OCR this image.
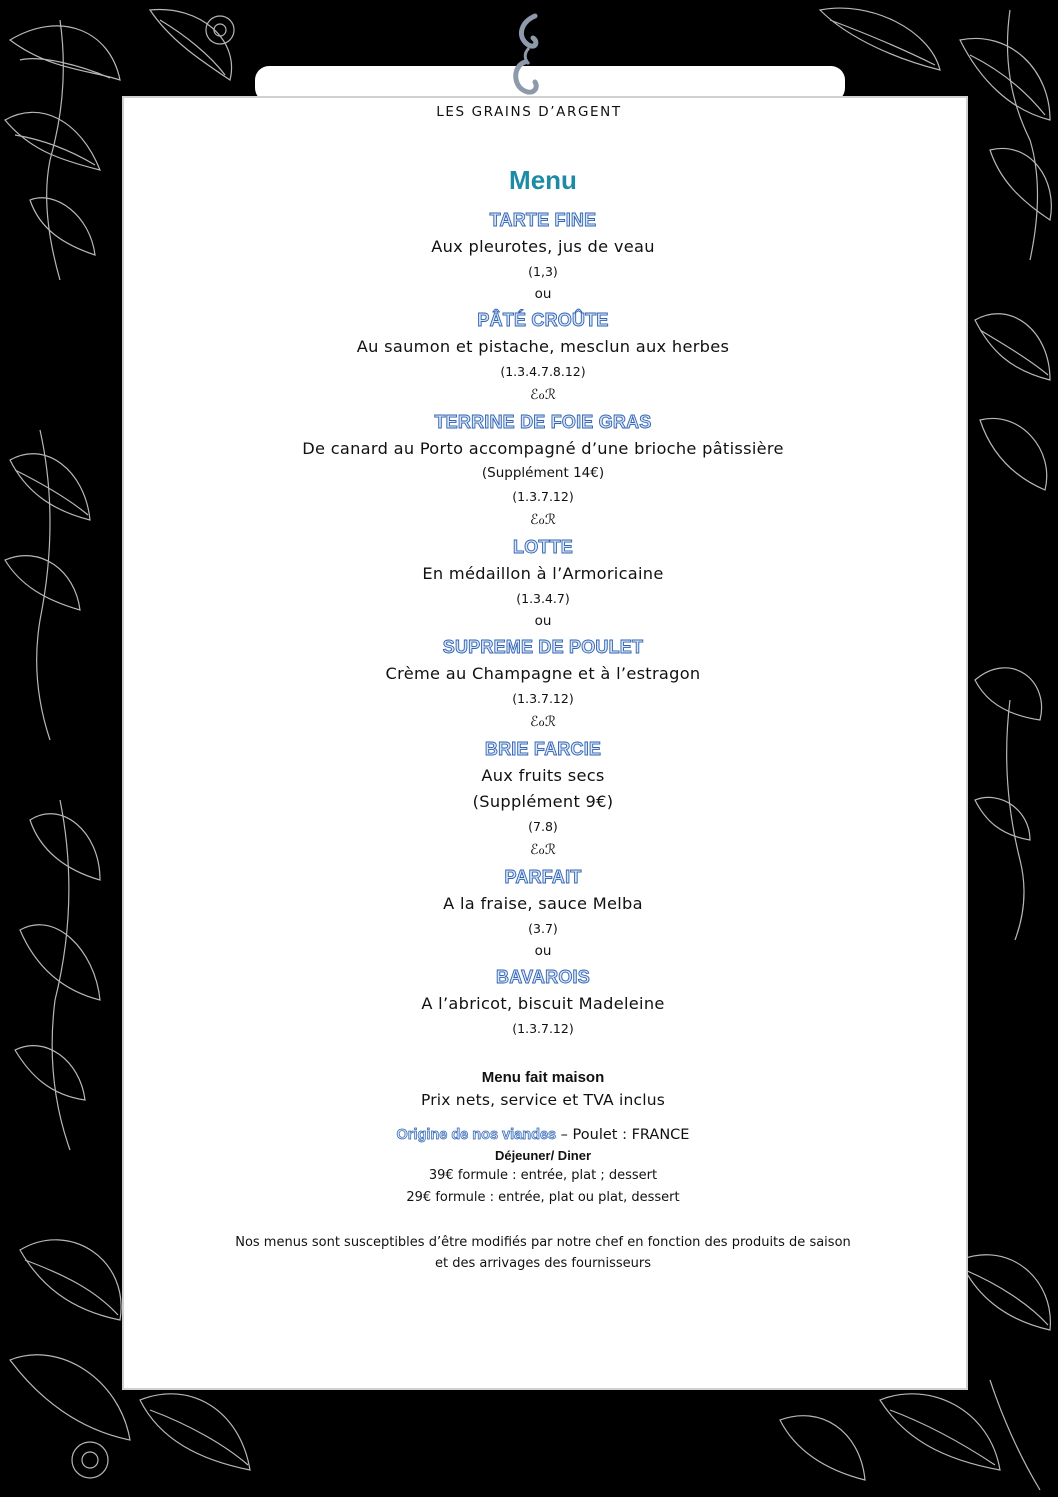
LES GRAINS D’ARGENT
Menu
TARTE FINE
Aux pleurotes, jus de veau
(1,3)
ou
PÂTÉ CROÛTE
Au saumon et pistache, mesclun aux herbes
(1.3.4.7.8.12)
ℰℴℛ
TERRINE DE FOIE GRAS
De canard au Porto accompagné d’une brioche pâtissière
(Supplément 14€)
(1.3.7.12)
ℰℴℛ
LOTTE
En médaillon à l’Armoricaine
(1.3.4.7)
ou
SUPREME DE POULET
Crème au Champagne et à l’estragon
(1.3.7.12)
ℰℴℛ
BRIE FARCIE
Aux fruits secs
(Supplément 9€)
(7.8)
ℰℴℛ
PARFAIT
A la fraise, sauce Melba
(3.7)
ou
BAVAROIS
A l’abricot, biscuit Madeleine
(1.3.7.12)
Menu fait maison
Prix nets, service et TVA inclus
Origine de nos viandes – Poulet : FRANCE
Déjeuner/ Diner
39€ formule : entrée, plat ; dessert
29€ formule : entrée, plat ou plat, dessert
Nos menus sont susceptibles d’être modifiés par notre chef en fonction des produits de saison
et des arrivages des fournisseurs
